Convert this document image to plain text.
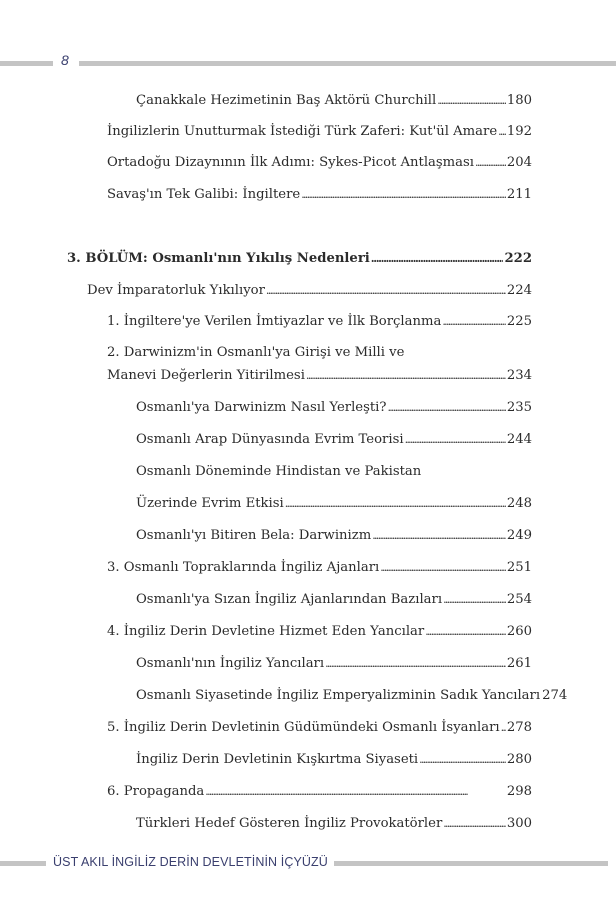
8
Çanakkale Hezimetinin Baş Aktörü Churchill . . .	180
İngilizlerin Unutturmak İstediği Türk Zaferi: Kut'ül Amare . . . 192
Ortadoğu Dizaynının İlk Adımı: Sykes-Picot Antlaşması . . . 204
Savaş'ın Tek Galibi: İngiltere . . .	211
3. BÖLÜM: Osmanlı'nın Yıkılış Nedenleri . . .	222
Dev İmparatorluk Yıkılıyor . . .	224
1. İngiltere'ye Verilen İmtiyazlar ve İlk Borçlanma . . .	225
2. Darwinizm'in Osmanlı'ya Girişi ve Milli ve
Manevi Değerlerin Yitirilmesi . . .	234
Osmanlı'ya Darwinizm Nasıl Yerleşti? . . .	235
Osmanlı Arap Dünyasında Evrim Teorisi . . .	244
Osmanlı Döneminde Hindistan ve Pakistan
Üzerinde Evrim Etkisi . . .	248
Osmanlı'yı Bitiren Bela: Darwinizm . . .	249
3. Osmanlı Topraklarında İngiliz Ajanları . . .	251
Osmanlı'ya Sızan İngiliz Ajanlarından Bazıları . . .	254
4. İngiliz Derin Devletine Hizmet Eden Yancılar . . .	260
Osmanlı'nın İngiliz Yancıları . . .	261
Osmanlı Siyasetinde İngiliz Emperyalizminin Sadık Yancıları 274
5. İngiliz Derin Devletinin Güdümündeki Osmanlı İsyanları . . . 278
İngiliz Derin Devletinin Kışkırtma Siyaseti . . .	280
6. Propaganda . . .	298
Türkleri Hedef Gösteren İngiliz Provokatörler . . .	300
ÜST AKIL İNGİLİZ DERİN DEVLETİNİN İÇYÜZÜ
